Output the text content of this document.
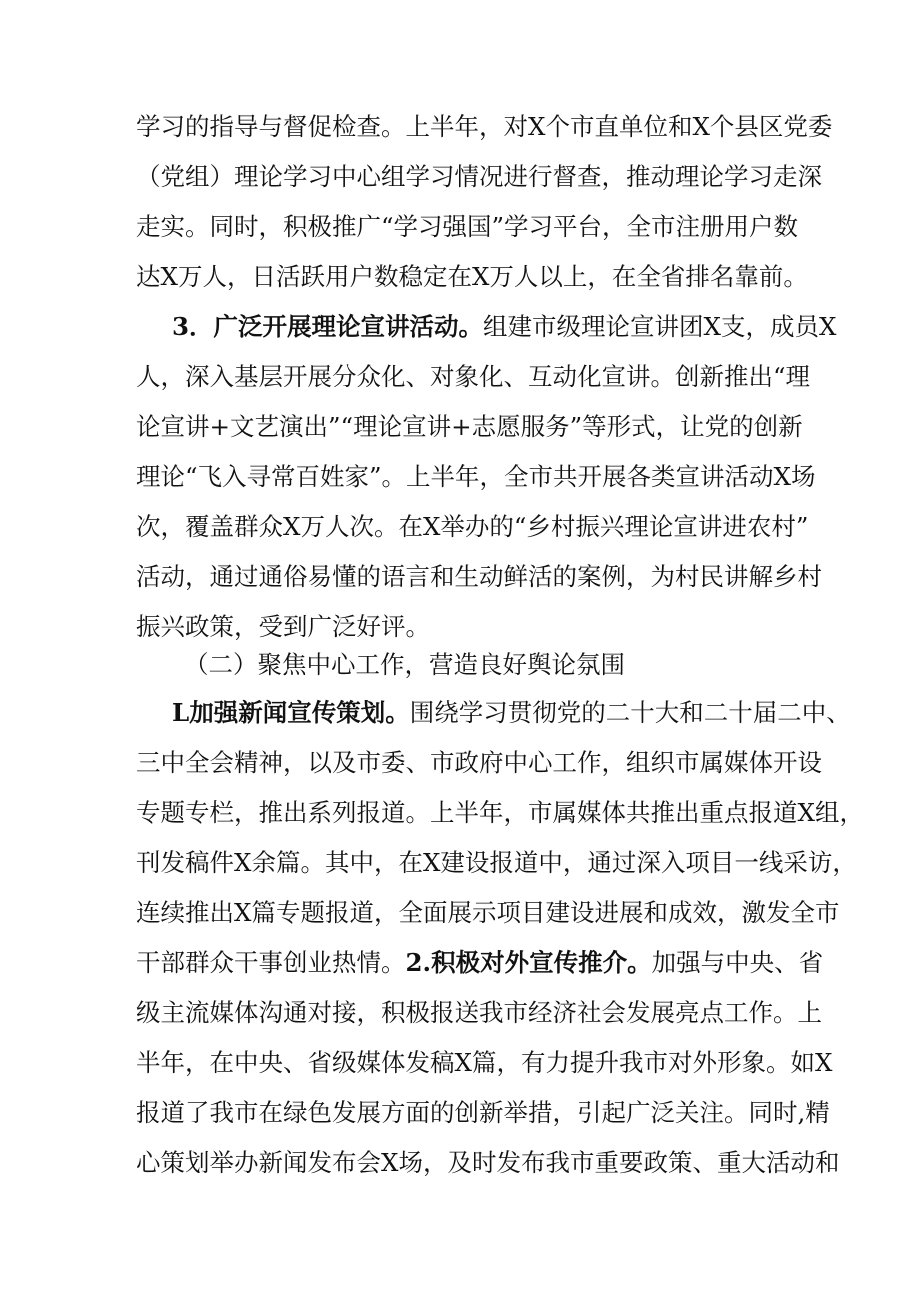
学习的指导与督促检查。上半年，对X个市直单位和X个县区党委
（党组）理论学习中心组学习情况进行督查，推动理论学习走深
走实。同时，积极推广“学习强国”学习平台，全市注册用户数
达X万人，日活跃用户数稳定在X万人以上，在全省排名靠前。
3．广泛开展理论宣讲活动。组建市级理论宣讲团X支，成员X
人，深入基层开展分众化、对象化、互动化宣讲。创新推出“理
论宣讲+文艺演出”“理论宣讲+志愿服务”等形式，让党的创新
理论“飞入寻常百姓家”。上半年，全市共开展各类宣讲活动X场
次，覆盖群众X万人次。在X举办的“乡村振兴理论宣讲进农村”
活动，通过通俗易懂的语言和生动鲜活的案例，为村民讲解乡村
振兴政策，受到广泛好评。
（二）聚焦中心工作，营造良好舆论氛围
L加强新闻宣传策划。围绕学习贯彻党的二十大和二十届二中、
三中全会精神，以及市委、市政府中心工作，组织市属媒体开设
专题专栏，推出系列报道。上半年，市属媒体共推出重点报道X组，
刊发稿件X余篇。其中，在X建设报道中，通过深入项目一线采访，
连续推出X篇专题报道，全面展示项目建设进展和成效，激发全市
干部群众干事创业热情。2.积极对外宣传推介。加强与中央、省
级主流媒体沟通对接，积极报送我市经济社会发展亮点工作。上
半年，在中央、省级媒体发稿X篇，有力提升我市对外形象。如X
报道了我市在绿色发展方面的创新举措，引起广泛关注。同时,精
心策划举办新闻发布会X场，及时发布我市重要政策、重大活动和
